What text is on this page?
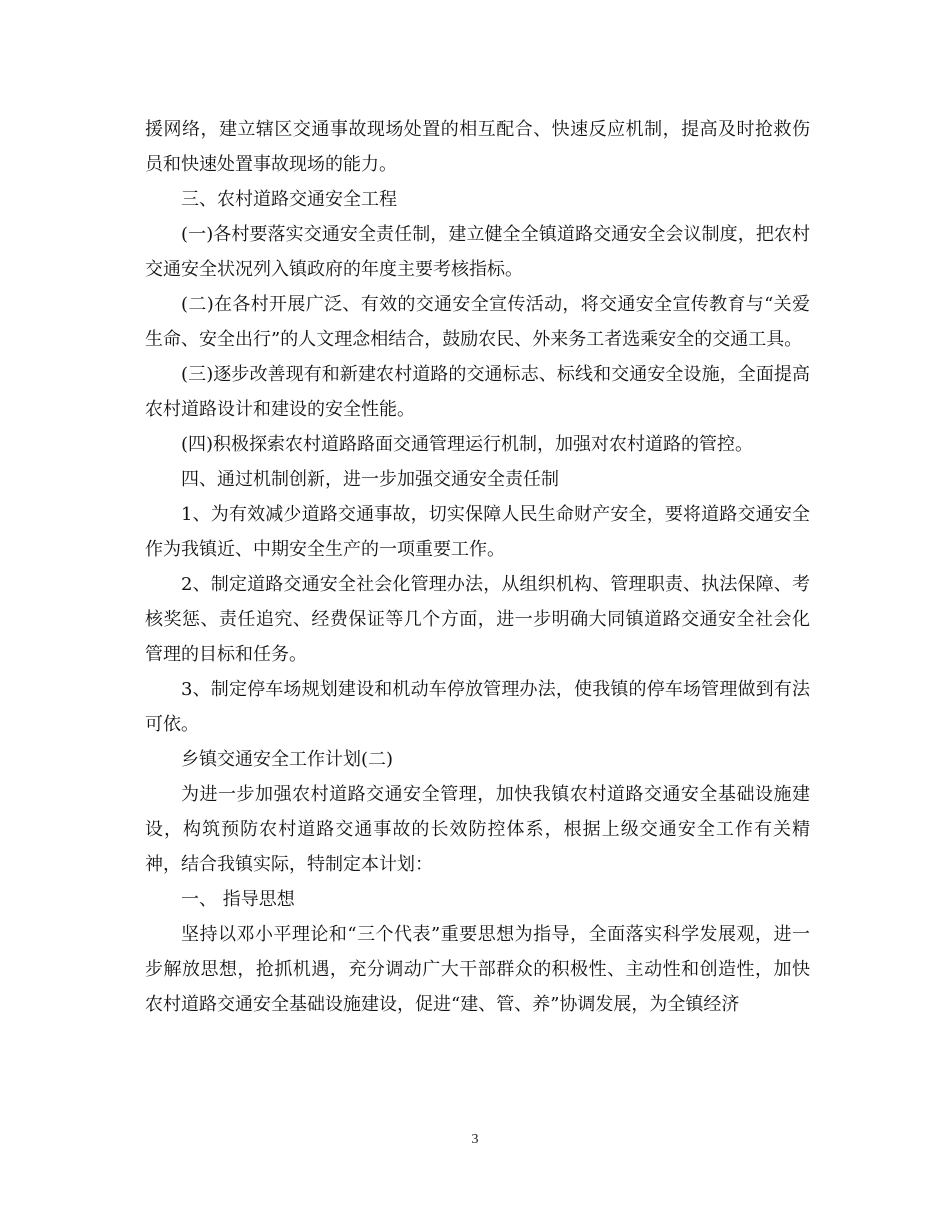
援网络，建立辖区交通事故现场处置的相互配合、快速反应机制，提高及时抢救伤员和快速处置事故现场的能力。

三、农村道路交通安全工程

(一)各村要落实交通安全责任制，建立健全全镇道路交通安全会议制度，把农村交通安全状况列入镇政府的年度主要考核指标。

(二)在各村开展广泛、有效的交通安全宣传活动，将交通安全宣传教育与“关爱生命、安全出行”的人文理念相结合，鼓励农民、外来务工者选乘安全的交通工具。

(三)逐步改善现有和新建农村道路的交通标志、标线和交通安全设施，全面提高农村道路设计和建设的安全性能。

(四)积极探索农村道路路面交通管理运行机制，加强对农村道路的管控。

四、通过机制创新，进一步加强交通安全责任制

1、为有效减少道路交通事故，切实保障人民生命财产安全，要将道路交通安全作为我镇近、中期安全生产的一项重要工作。

2、制定道路交通安全社会化管理办法，从组织机构、管理职责、执法保障、考核奖惩、责任追究、经费保证等几个方面，进一步明确大同镇道路交通安全社会化管理的目标和任务。

3、制定停车场规划建设和机动车停放管理办法，使我镇的停车场管理做到有法可依。

乡镇交通安全工作计划(二)

为进一步加强农村道路交通安全管理，加快我镇农村道路交通安全基础设施建设，构筑预防农村道路交通事故的长效防控体系，根据上级交通安全工作有关精神，结合我镇实际，特制定本计划：

一、 指导思想

坚持以邓小平理论和“三个代表”重要思想为指导，全面落实科学发展观，进一步解放思想，抢抓机遇，充分调动广大干部群众的积极性、主动性和创造性，加快农村道路交通安全基础设施建设，促进“建、管、养”协调发展，为全镇经济

3
